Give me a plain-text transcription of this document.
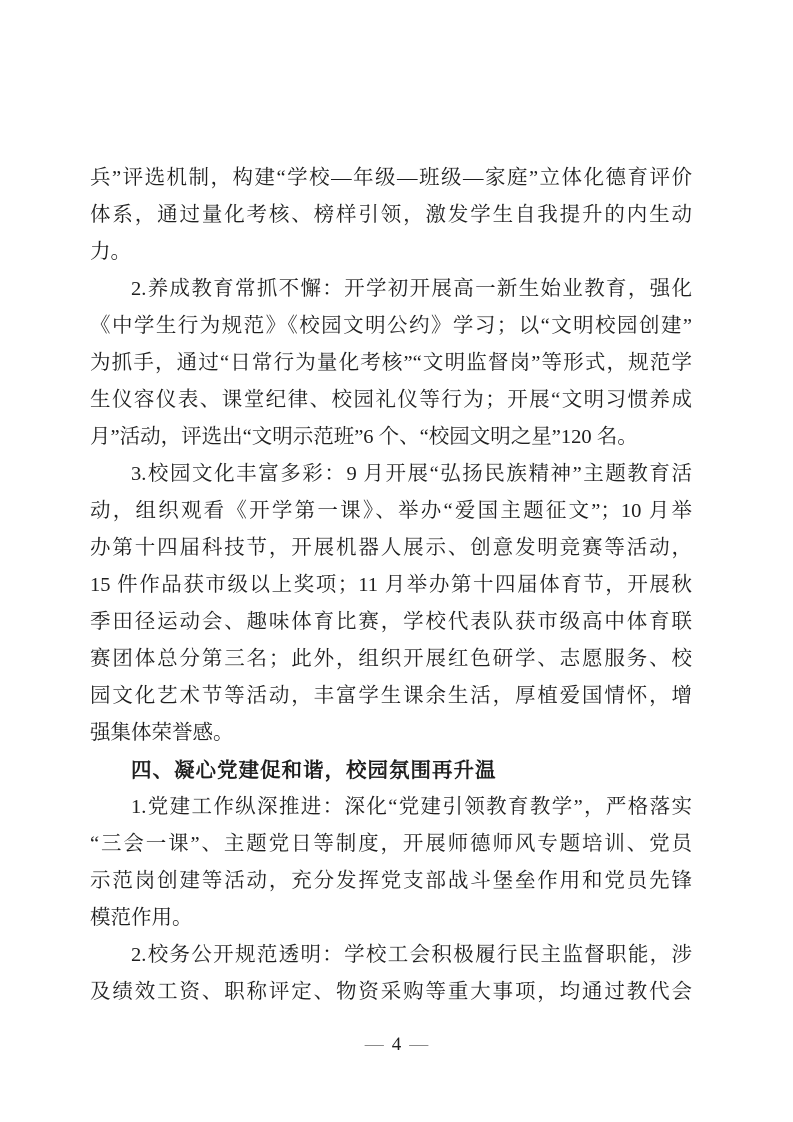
兵”评选机制，构建“学校—年级—班级—家庭”立体化德育评价
体系，通过量化考核、榜样引领，激发学生自我提升的内生动
力。
2.养成教育常抓不懈：开学初开展高一新生始业教育，强化
《中学生行为规范》《校园文明公约》学习；以“文明校园创建”
为抓手，通过“日常行为量化考核”“文明监督岗”等形式，规范学
生仪容仪表、课堂纪律、校园礼仪等行为；开展“文明习惯养成
月”活动，评选出“文明示范班”6 个、“校园文明之星”120 名。
3.校园文化丰富多彩：9 月开展“弘扬民族精神”主题教育活
动，组织观看《开学第一课》、举办“爱国主题征文”；10 月举
办第十四届科技节，开展机器人展示、创意发明竞赛等活动，
15 件作品获市级以上奖项；11 月举办第十四届体育节，开展秋
季田径运动会、趣味体育比赛，学校代表队获市级高中体育联
赛团体总分第三名；此外，组织开展红色研学、志愿服务、校
园文化艺术节等活动，丰富学生课余生活，厚植爱国情怀，增
强集体荣誉感。
四、凝心党建促和谐，校园氛围再升温
1.党建工作纵深推进：深化“党建引领教育教学”，严格落实
“三会一课”、主题党日等制度，开展师德师风专题培训、党员
示范岗创建等活动，充分发挥党支部战斗堡垒作用和党员先锋
模范作用。
2.校务公开规范透明：学校工会积极履行民主监督职能，涉
及绩效工资、职称评定、物资采购等重大事项，均通过教代会
— 4 —
